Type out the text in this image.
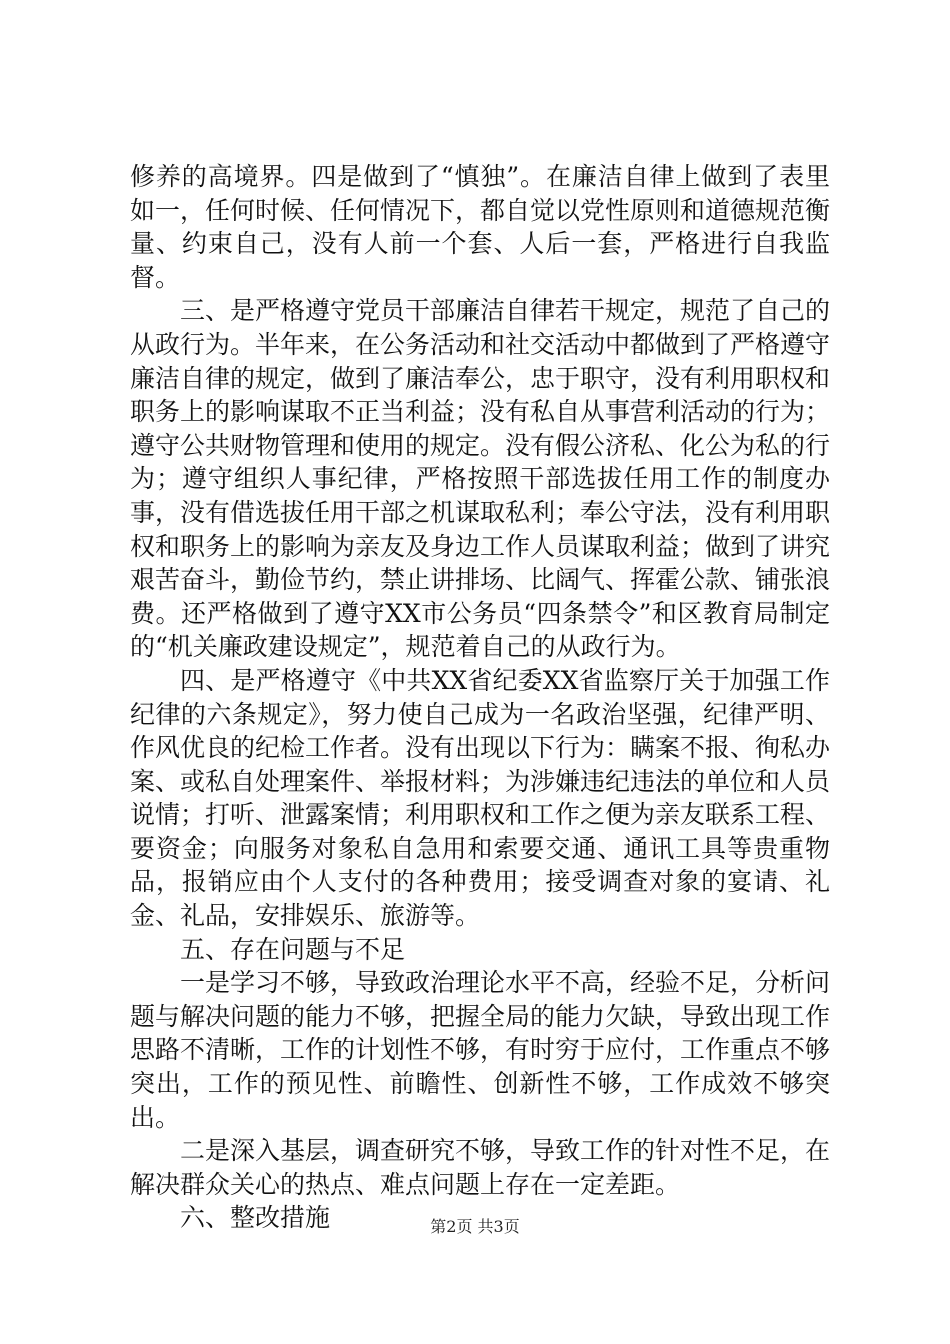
修养的高境界。四是做到了“慎独”。在廉洁自律上做到了表里如一，任何时候、任何情况下，都自觉以党性原则和道德规范衡量、约束自己，没有人前一个套、人后一套，严格进行自我监督。

三、是严格遵守党员干部廉洁自律若干规定，规范了自己的从政行为。半年来，在公务活动和社交活动中都做到了严格遵守廉洁自律的规定，做到了廉洁奉公，忠于职守，没有利用职权和职务上的影响谋取不正当利益；没有私自从事营利活动的行为；遵守公共财物管理和使用的规定。没有假公济私、化公为私的行为；遵守组织人事纪律，严格按照干部选拔任用工作的制度办事，没有借选拔任用干部之机谋取私利；奉公守法，没有利用职权和职务上的影响为亲友及身边工作人员谋取利益；做到了讲究艰苦奋斗，勤俭节约，禁止讲排场、比阔气、挥霍公款、铺张浪费。还严格做到了遵守XX市公务员“四条禁令”和区教育局制定的“机关廉政建设规定”，规范着自己的从政行为。

四、是严格遵守《中共XX省纪委XX省监察厅关于加强工作纪律的六条规定》，努力使自己成为一名政治坚强，纪律严明、作风优良的纪检工作者。没有出现以下行为：瞒案不报、徇私办案、或私自处理案件、举报材料；为涉嫌违纪违法的单位和人员说情；打听、泄露案情；利用职权和工作之便为亲友联系工程、要资金；向服务对象私自急用和索要交通、通讯工具等贵重物品，报销应由个人支付的各种费用；接受调查对象的宴请、礼金、礼品，安排娱乐、旅游等。

五、存在问题与不足

一是学习不够，导致政治理论水平不高，经验不足，分析问题与解决问题的能力不够，把握全局的能力欠缺，导致出现工作思路不清晰，工作的计划性不够，有时穷于应付，工作重点不够突出，工作的预见性、前瞻性、创新性不够，工作成效不够突出。

二是深入基层，调查研究不够，导致工作的针对性不足，在解决群众关心的热点、难点问题上存在一定差距。

六、整改措施	第2页 共3页
